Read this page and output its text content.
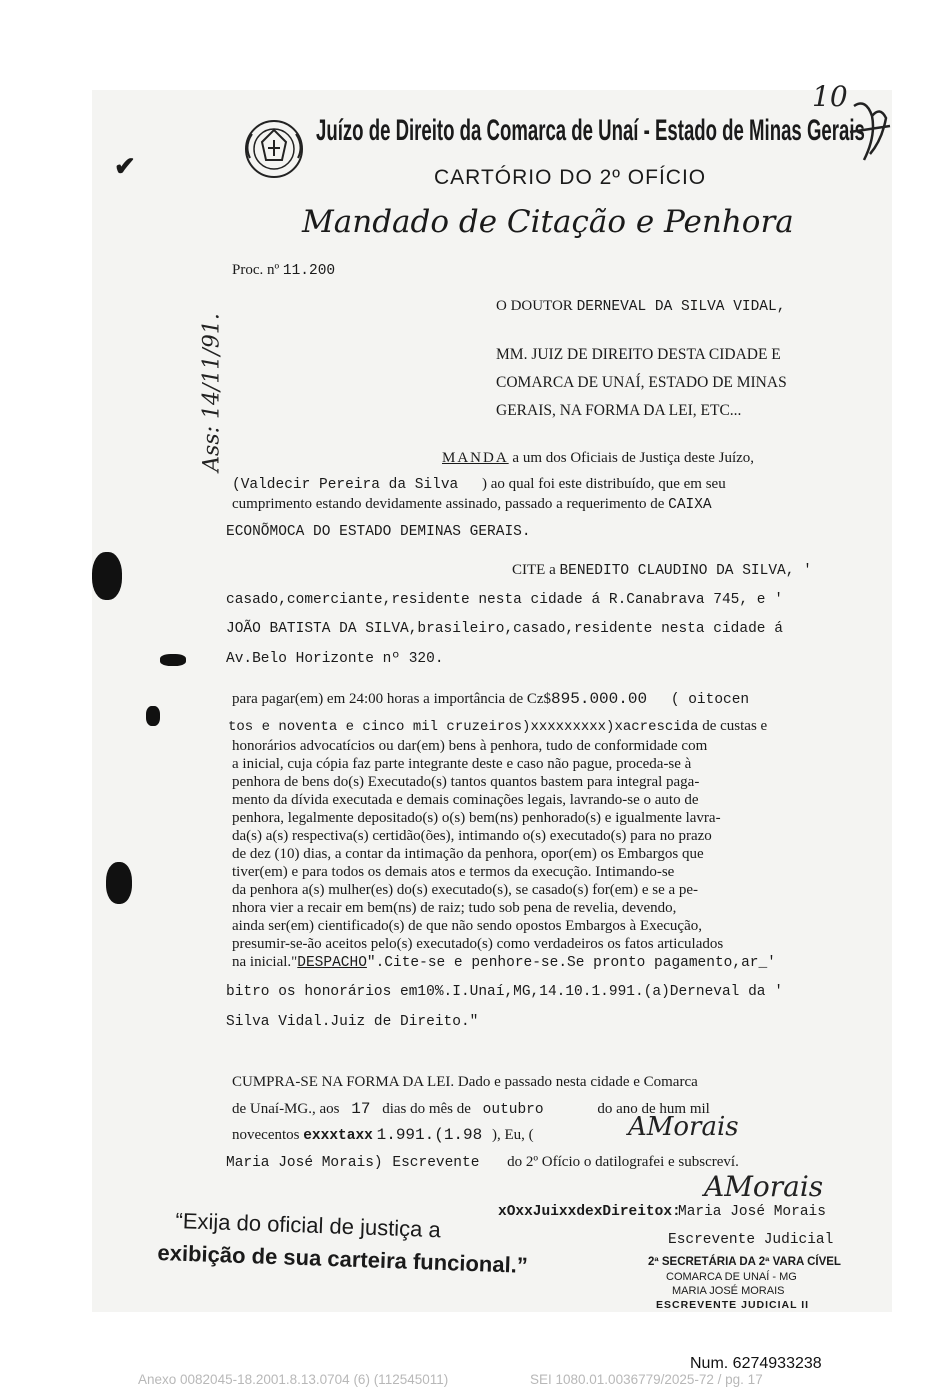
✔
Juízo de Direito da Comarca de Unaí - Estado de Minas Gerais
CARTÓRIO DO 2º OFÍCIO
Mandado de Citação e Penhora
10
Ass: 14/11/91.
Proc. nº 11.200
O DOUTOR DERNEVAL DA SILVA VIDAL,
MM. JUIZ DE DIREITO DESTA CIDADE E
COMARCA DE UNAÍ, ESTADO DE MINAS
GERAIS, NA FORMA DA LEI, ETC...
MANDA a um dos Oficiais de Justiça deste Juízo,
(Valdecir Pereira da Silva ) ao qual foi este distribuído, que em seu
cumprimento estando devidamente assinado, passado a requerimento de CAIXA
ECONÕMOCA DO ESTADO DEMINAS GERAIS.
CITE a BENEDITO CLAUDINO DA SILVA, '
casado,comerciante,residente nesta cidade á R.Canabrava 745, e '
JOÃO BATISTA DA SILVA,brasileiro,casado,residente nesta cidade á
Av.Belo Horizonte nº 320.
para pagar(em) em 24:00 horas a importância de Cz$895.000.00 ( oitocen
tos e noventa e cinco mil cruzeiros)xxxxxxxxx)xacrescida de custas e
honorários advocatícios ou dar(em) bens à penhora, tudo de conformidade com
a inicial, cuja cópia faz parte integrante deste e caso não pague, proceda-se à
penhora de bens do(s) Executado(s) tantos quantos bastem para integral paga-
mento da dívida executada e demais cominações legais, lavrando-se o auto de
penhora, legalmente depositado(s) o(s) bem(ns) penhorado(s) e igualmente lavra-
da(s) a(s) respectiva(s) certidão(ões), intimando o(s) executado(s) para no prazo
de dez (10) dias, a contar da intimação da penhora, opor(em) os Embargos que
tiver(em) e para todos os demais atos e termos da execução. Intimando-se
da penhora a(s) mulher(es) do(s) executado(s), se casado(s) for(em) e se a pe-
nhora vier a recair em bem(ns) de raiz; tudo sob pena de revelia, devendo,
ainda ser(em) cientificado(s) de que não sendo opostos Embargos à Execução,
presumir-se-ão aceitos pelo(s) executado(s) como verdadeiros os fatos articulados
na inicial."DESPACHO".Cite-se e penhore-se.Se pronto pagamento,ar_'
bitro os honorários em10%.I.Unaí,MG,14.10.1.991.(a)Derneval da '
Silva Vidal.Juiz de Direito."
CUMPRA-SE NA FORMA DA LEI. Dado e passado nesta cidade e Comarca
de Unaí-MG., aos 17 dias do mês de outubro	do ano de hum mil
novecentos exxxtaxx 1.991.(1.98 ), Eu, (
Maria José Morais) Escrevente do 2º Ofício o datilografei e subscreví.
AMorais
AMorais
xOxxJuixxdexDireitox:
Maria José Morais
Escrevente Judicial
“Exija do oficial de justiça a
exibição de sua carteira funcional.”	2ª SECRETÁRIA DA 2ª VARA CÍVEL
COMARCA DE UNAÍ - MG
MARIA JOSÉ MORAIS
ESCREVENTE JUDICIAL II
Num. 6274933238
Anexo 0082045-18.2001.8.13.0704 (6) (112545011)	SEI 1080.01.0036779/2025-72 / pg. 17
